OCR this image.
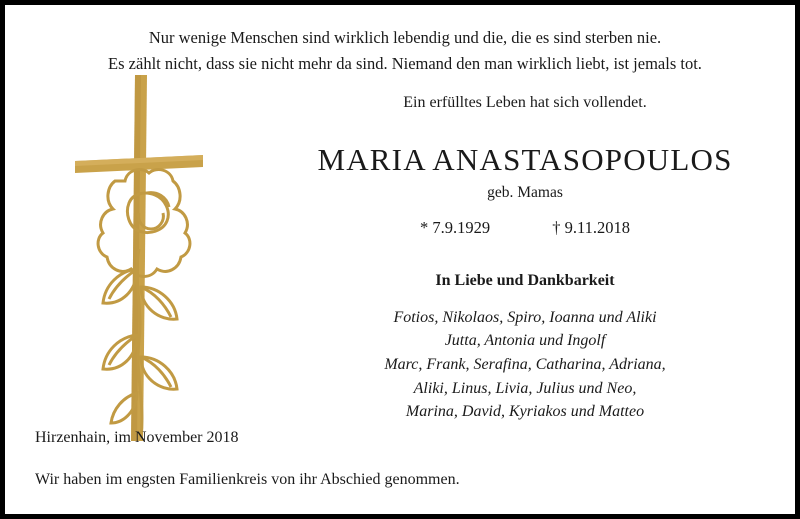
Nur wenige Menschen sind wirklich lebendig und die, die es sind sterben nie.
Es zählt nicht, dass sie nicht mehr da sind. Niemand den man wirklich liebt, ist jemals tot.

Ein erfülltes Leben hat sich vollendet.

MARIA ANASTASOPOULOS

geb. Mamas

* 7.9.1929	† 9.11.2018

In Liebe und Dankbarkeit

Fotios, Nikolaos, Spiro, Ioanna und Aliki
Jutta, Antonia und Ingolf
Marc, Frank, Serafina, Catharina, Adriana,
Aliki, Linus, Livia, Julius und Neo,
Marina, David, Kyriakos und Matteo
Hirzenhain, im November 2018
Wir haben im engsten Familienkreis von ihr Abschied genommen.
